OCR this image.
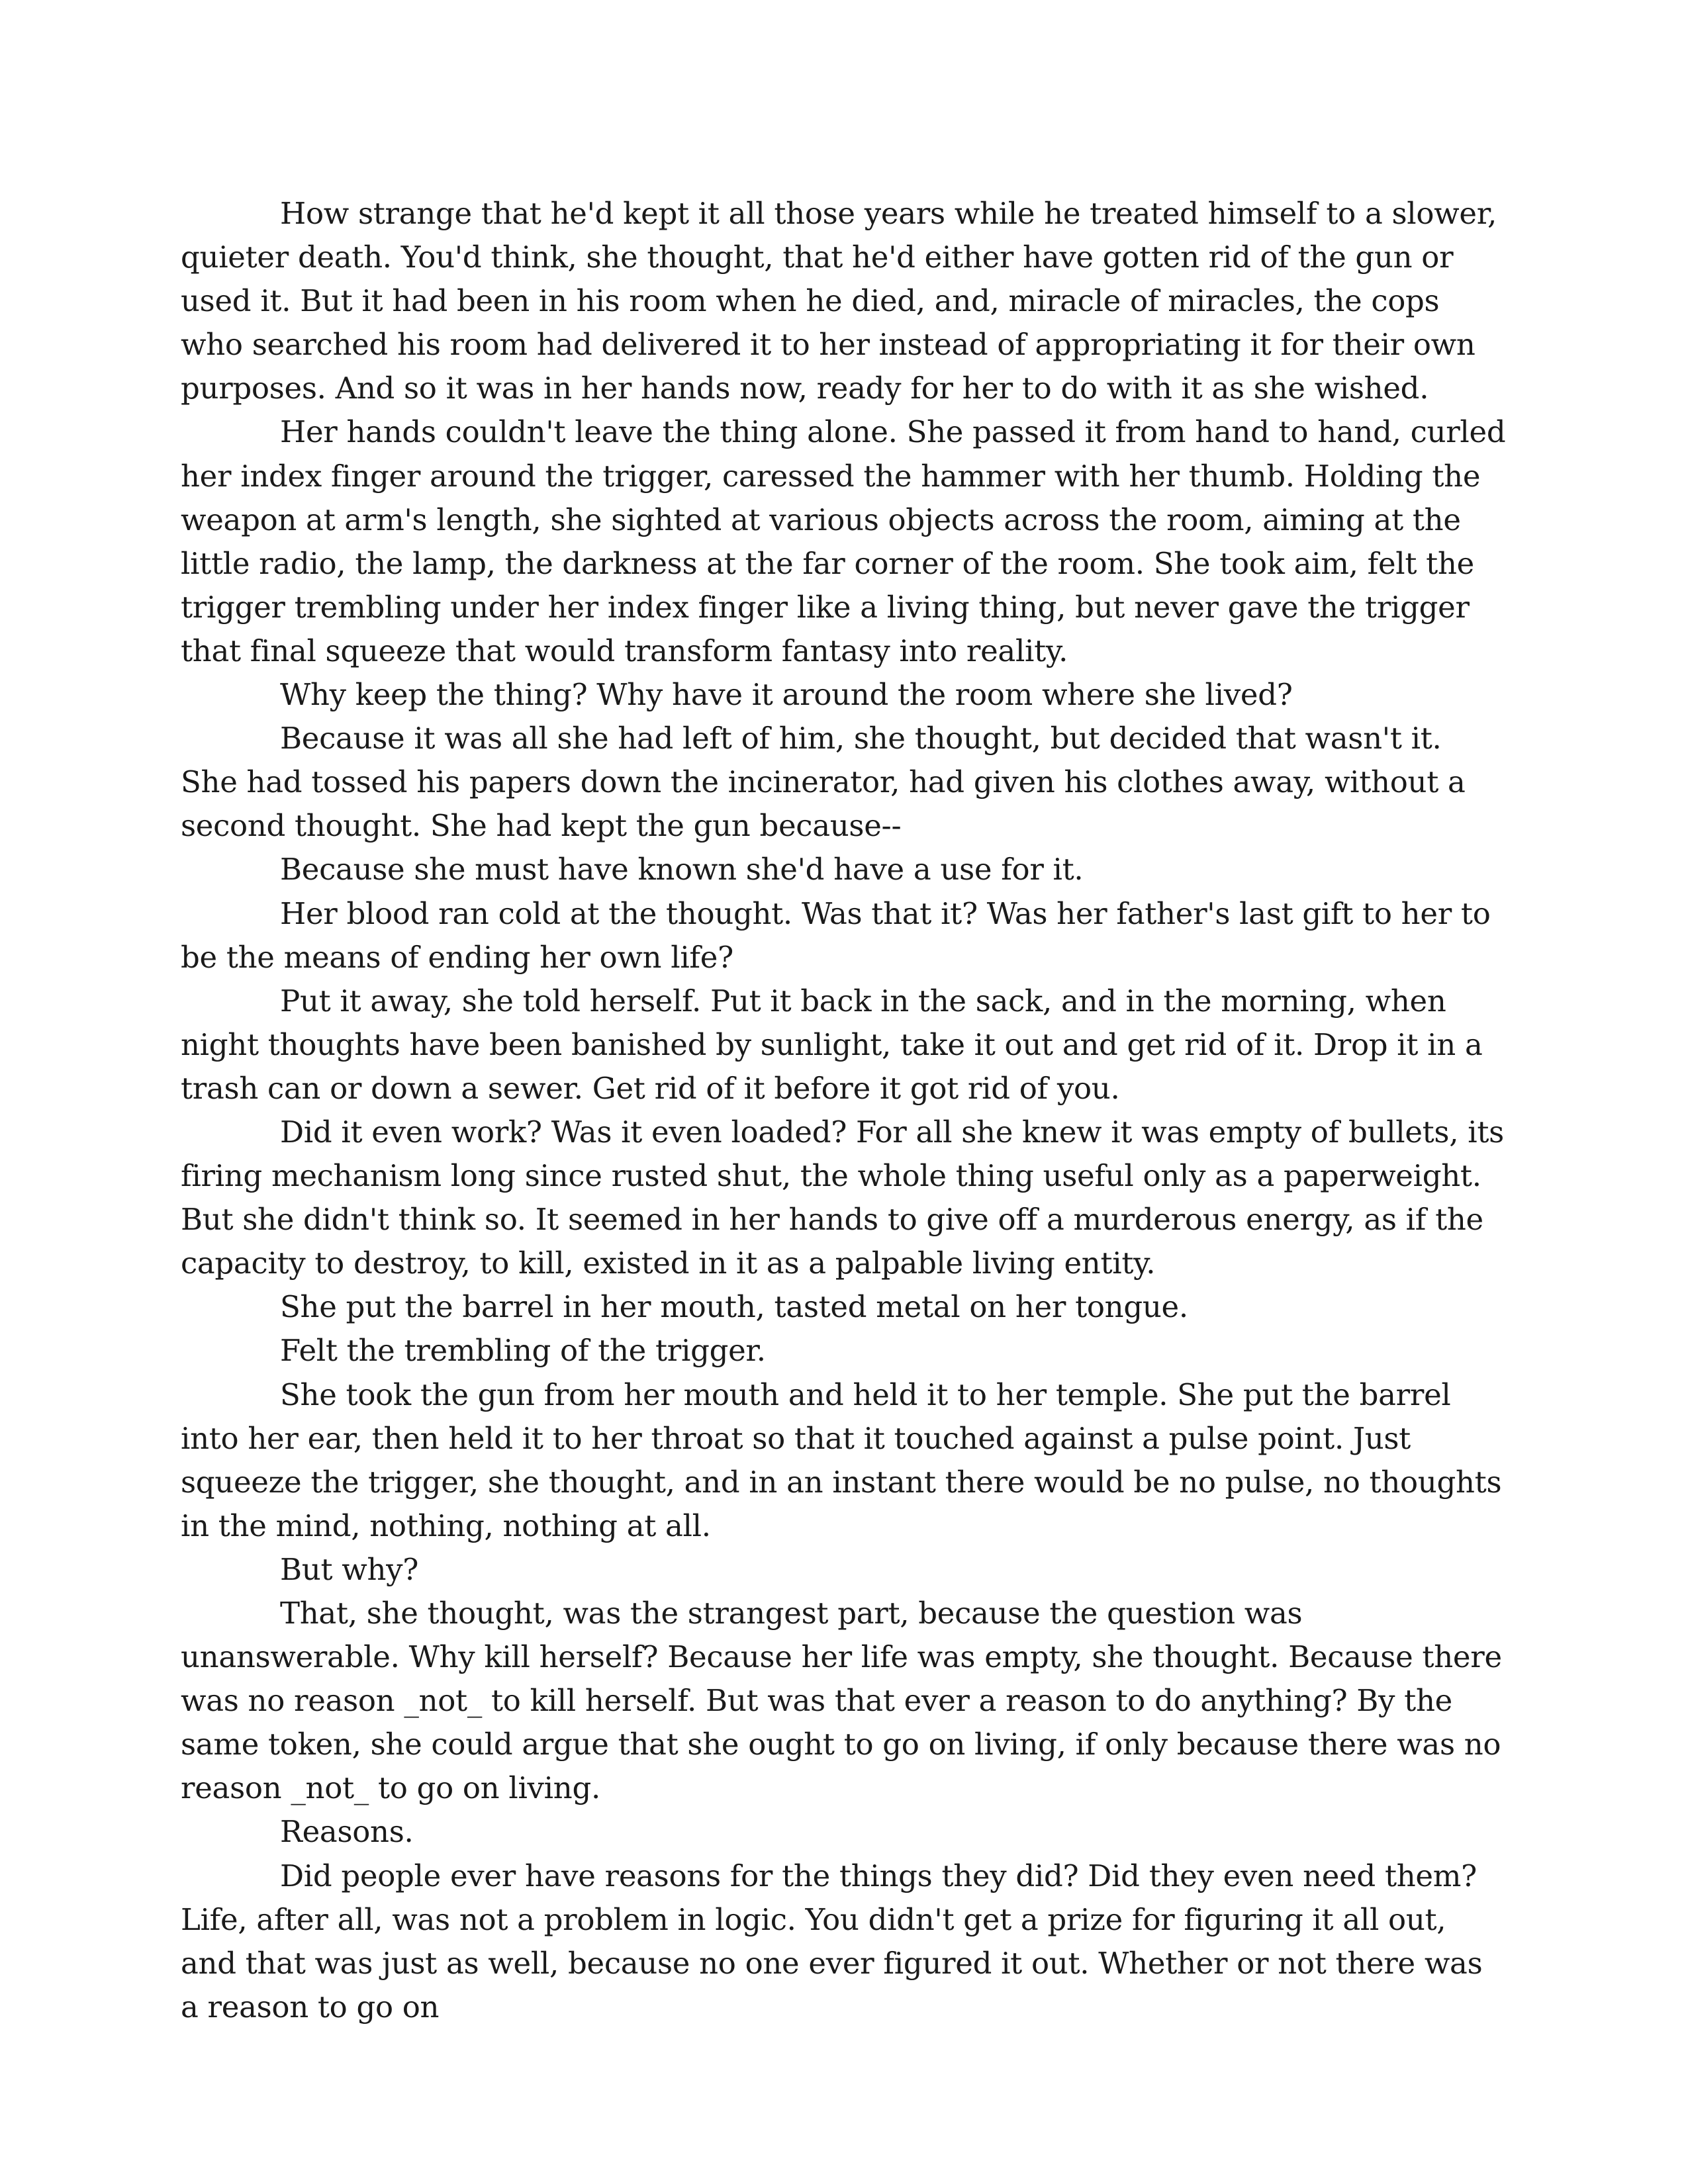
How strange that he'd kept it all those years while he treated himself to a slower, quieter death. You'd think, she thought, that he'd either have gotten rid of the gun or used it. But it had been in his room when he died, and, miracle of miracles, the cops who searched his room had delivered it to her instead of appropriating it for their own purposes. And so it was in her hands now, ready for her to do with it as she wished.

Her hands couldn't leave the thing alone. She passed it from hand to hand, curled her index finger around the trigger, caressed the hammer with her thumb. Holding the weapon at arm's length, she sighted at various objects across the room, aiming at the little radio, the lamp, the darkness at the far corner of the room. She took aim, felt the trigger trembling under her index finger like a living thing, but never gave the trigger that final squeeze that would transform fantasy into reality.

Why keep the thing? Why have it around the room where she lived?

Because it was all she had left of him, she thought, but decided that wasn't it. She had tossed his papers down the incinerator, had given his clothes away, without a second thought. She had kept the gun because--

Because she must have known she'd have a use for it.

Her blood ran cold at the thought. Was that it? Was her father's last gift to her to be the means of ending her own life?

Put it away, she told herself. Put it back in the sack, and in the morning, when night thoughts have been banished by sunlight, take it out and get rid of it. Drop it in a trash can or down a sewer. Get rid of it before it got rid of you.

Did it even work? Was it even loaded? For all she knew it was empty of bullets, its firing mechanism long since rusted shut, the whole thing useful only as a paperweight. But she didn't think so. It seemed in her hands to give off a murderous energy, as if the capacity to destroy, to kill, existed in it as a palpable living entity.

She put the barrel in her mouth, tasted metal on her tongue.

Felt the trembling of the trigger.

She took the gun from her mouth and held it to her temple. She put the barrel into her ear, then held it to her throat so that it touched against a pulse point. Just squeeze the trigger, she thought, and in an instant there would be no pulse, no thoughts in the mind, nothing, nothing at all.

But why?

That, she thought, was the strangest part, because the question was unanswerable. Why kill herself? Because her life was empty, she thought. Because there was no reason _not_ to kill herself. But was that ever a reason to do anything? By the same token, she could argue that she ought to go on living, if only because there was no reason _not_ to go on living.

Reasons.

Did people ever have reasons for the things they did? Did they even need them? Life, after all, was not a problem in logic. You didn't get a prize for figuring it all out, and that was just as well, because no one ever figured it out. Whether or not there was a reason to go on
